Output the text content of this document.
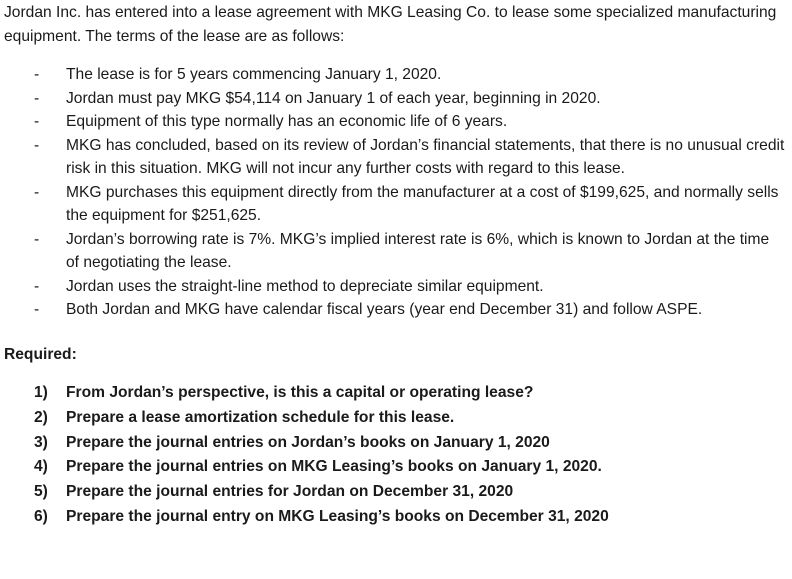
Jordan Inc. has entered into a lease agreement with MKG Leasing Co. to lease some specialized manufacturing equipment. The terms of the lease are as follows:

- The lease is for 5 years commencing January 1, 2020.
- Jordan must pay MKG $54,114 on January 1 of each year, beginning in 2020.
- Equipment of this type normally has an economic life of 6 years.
- MKG has concluded, based on its review of Jordan’s financial statements, that there is no unusual credit risk in this situation. MKG will not incur any further costs with regard to this lease.
- MKG purchases this equipment directly from the manufacturer at a cost of $199,625, and normally sells the equipment for $251,625.
- Jordan’s borrowing rate is 7%. MKG’s implied interest rate is 6%, which is known to Jordan at the time of negotiating the lease.
- Jordan uses the straight-line method to depreciate similar equipment.
- Both Jordan and MKG have calendar fiscal years (year end December 31) and follow ASPE.

Required:

1) From Jordan’s perspective, is this a capital or operating lease?
2) Prepare a lease amortization schedule for this lease.
3) Prepare the journal entries on Jordan’s books on January 1, 2020
4) Prepare the journal entries on MKG Leasing’s books on January 1, 2020.
5) Prepare the journal entries for Jordan on December 31, 2020
6) Prepare the journal entry on MKG Leasing’s books on December 31, 2020
